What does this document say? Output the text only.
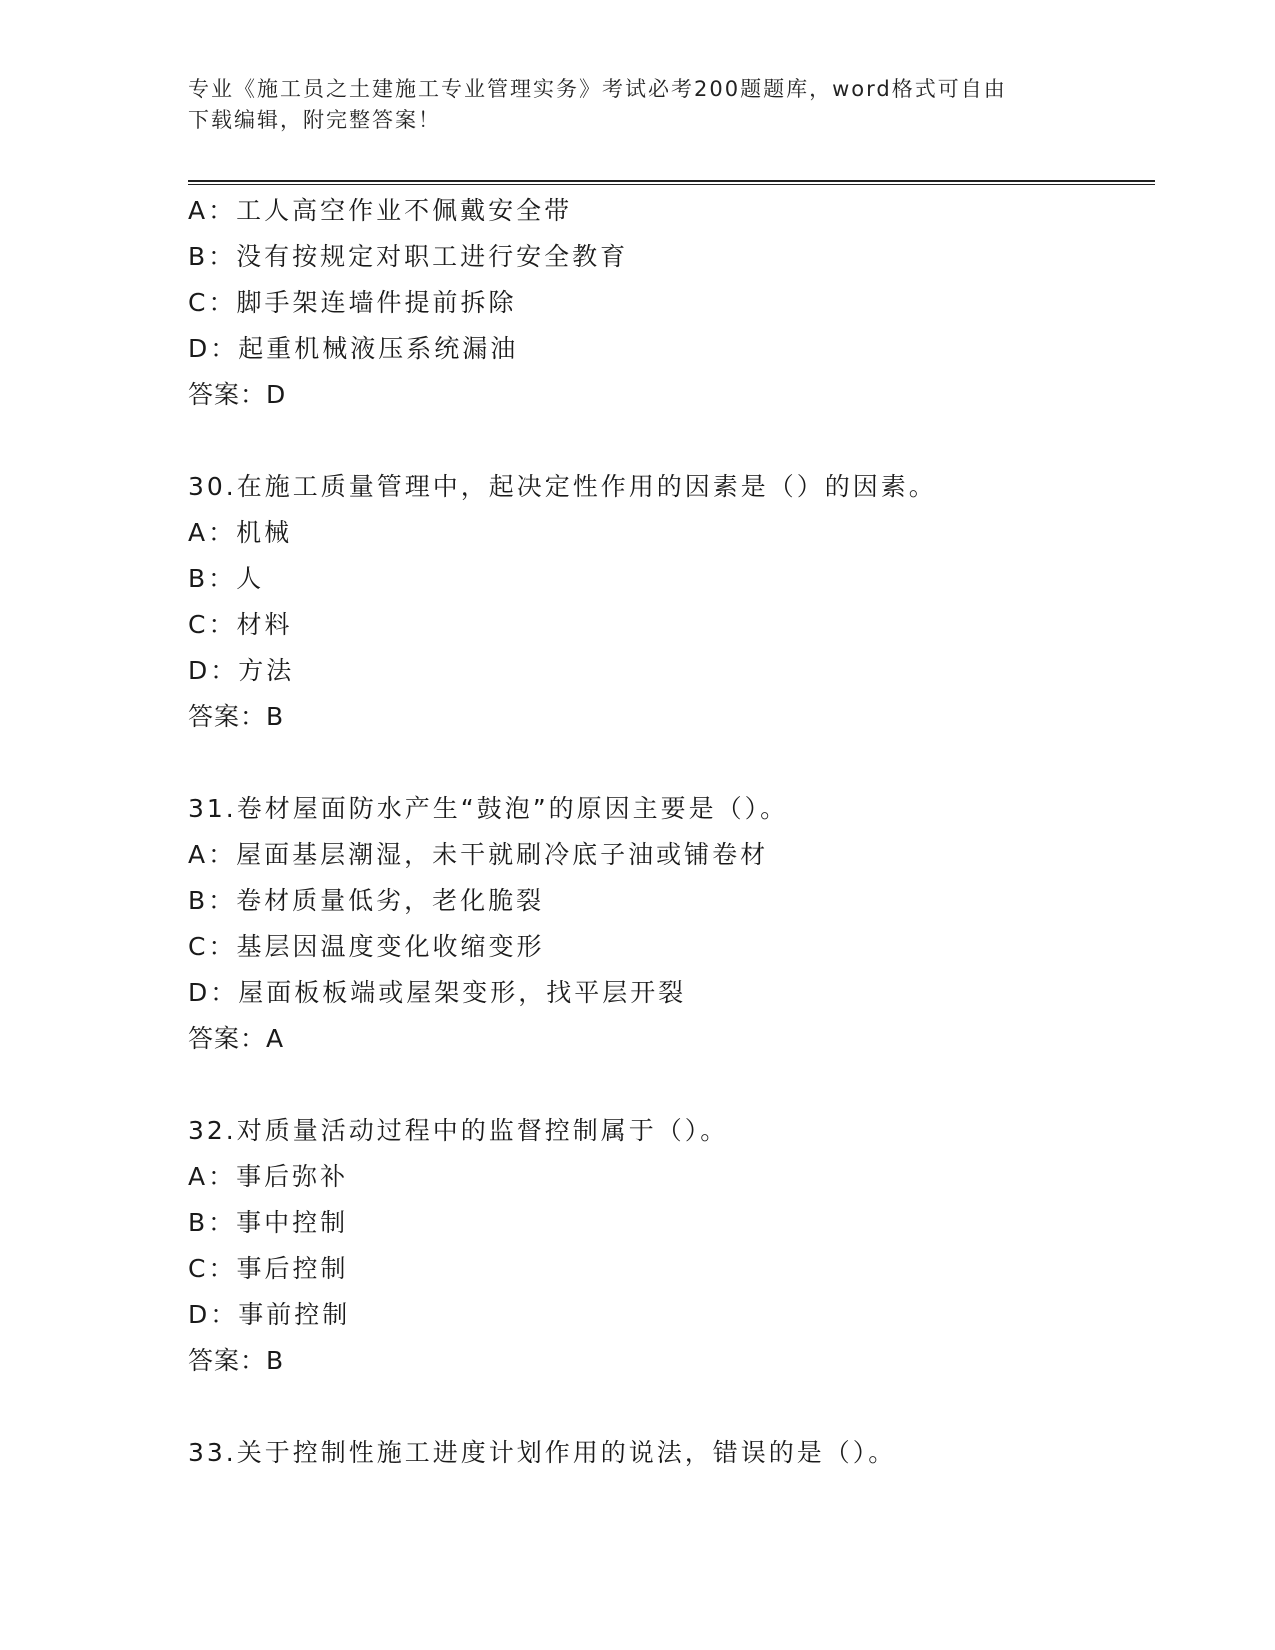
专业《施工员之土建施工专业管理实务》考试必考200题题库，word格式可自由
下载编辑，附完整答案！
A：工人高空作业不佩戴安全带
B：没有按规定对职工进行安全教育
C：脚手架连墙件提前拆除
D：起重机械液压系统漏油
答案：D
30.在施工质量管理中，起决定性作用的因素是（）的因素。
A：机械
B：人
C：材料
D：方法
答案：B
31.卷材屋面防水产生“鼓泡”的原因主要是（）。
A：屋面基层潮湿，未干就刷冷底子油或铺卷材
B：卷材质量低劣，老化脆裂
C：基层因温度变化收缩变形
D：屋面板板端或屋架变形，找平层开裂
答案：A
32.对质量活动过程中的监督控制属于（）。
A：事后弥补
B：事中控制
C：事后控制
D：事前控制
答案：B
33.关于控制性施工进度计划作用的说法，错误的是（）。
